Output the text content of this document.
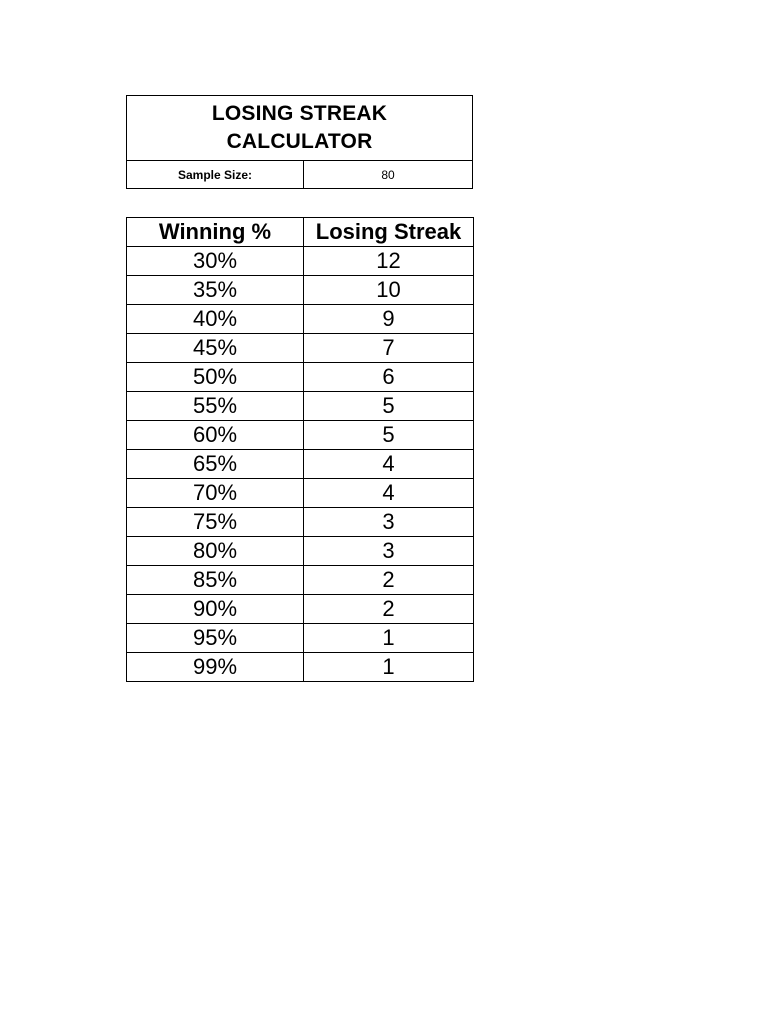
LOSING STREAK
CALCULATOR
Sample Size:	80
Winning %	Losing Streak
30%	12
35%	10
40%	9
45%	7
50%	6
55%	5
60%	5
65%	4
70%	4
75%	3
80%	3
85%	2
90%	2
95%	1
99%	1
